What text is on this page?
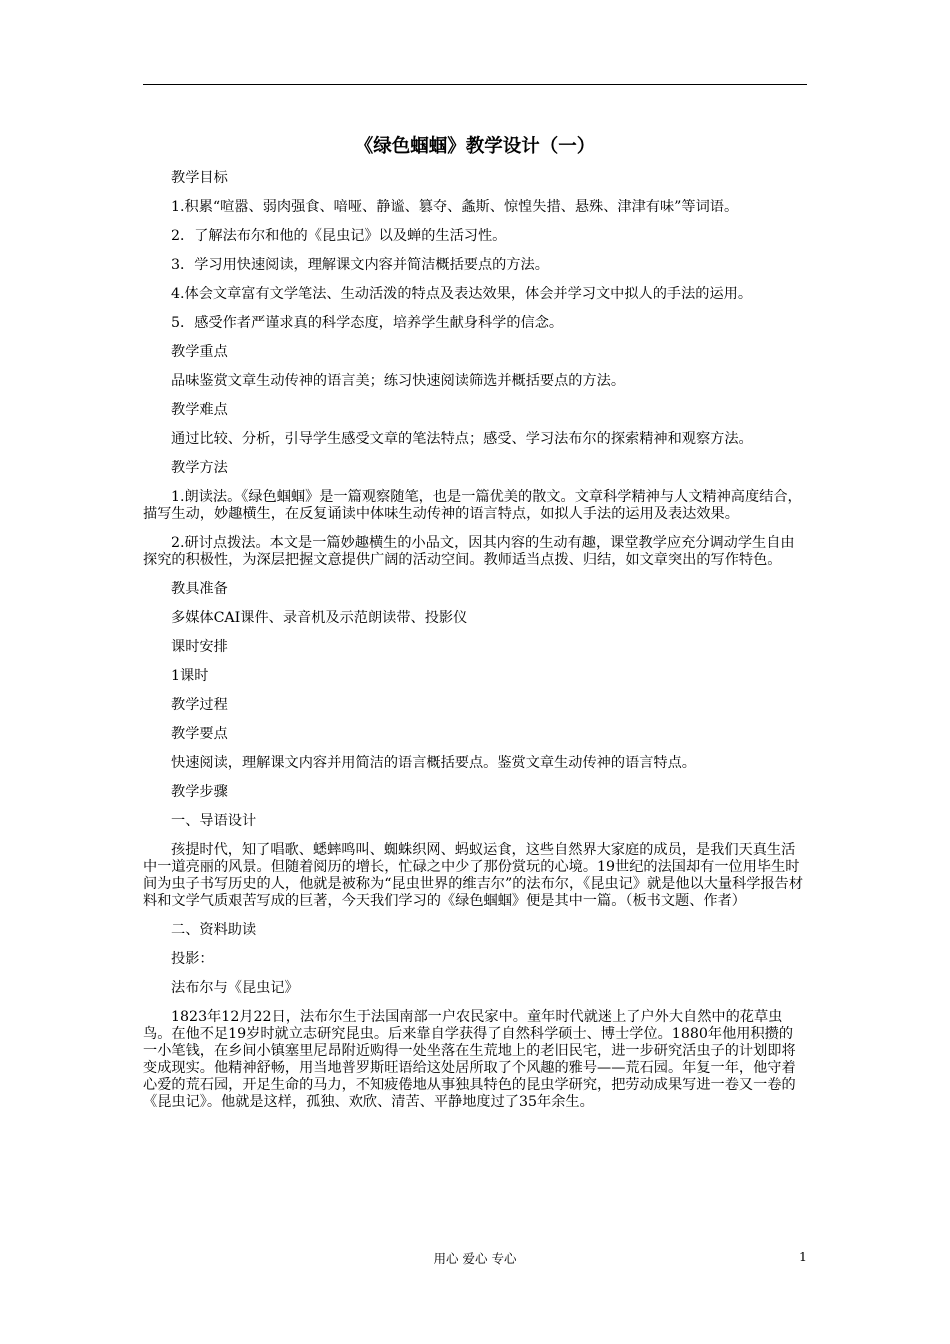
《绿色蝈蝈》教学设计（一）

教学目标

1.积累“喧嚣、弱肉强食、喑哑、静谧、篡夺、螽斯、惊惶失措、悬殊、津津有味”等词语。

2．了解法布尔和他的《昆虫记》以及蝉的生活习性。

3．学习用快速阅读，理解课文内容并简洁概括要点的方法。

4.体会文章富有文学笔法、生动活泼的特点及表达效果，体会并学习文中拟人的手法的运用。

5．感受作者严谨求真的科学态度，培养学生献身科学的信念。

教学重点

品味鉴赏文章生动传神的语言美；练习快速阅读筛选并概括要点的方法。

教学难点

通过比较、分析，引导学生感受文章的笔法特点；感受、学习法布尔的探索精神和观察方法。

教学方法

1.朗读法。《绿色蝈蝈》是一篇观察随笔，也是一篇优美的散文。文章科学精神与人文精神高度结合，描写生动，妙趣横生，在反复诵读中体味生动传神的语言特点，如拟人手法的运用及表达效果。

2.研讨点拨法。本文是一篇妙趣横生的小品文，因其内容的生动有趣，课堂教学应充分调动学生自由探究的积极性，为深层把握文意提供广阔的活动空间。教师适当点拨、归结，如文章突出的写作特色。

教具准备

多媒体CAI课件、录音机及示范朗读带、投影仪

课时安排

1课时

教学过程

教学要点

快速阅读，理解课文内容并用简洁的语言概括要点。鉴赏文章生动传神的语言特点。

教学步骤

一、导语设计

孩提时代，知了唱歌、蟋蟀鸣叫、蜘蛛织网、蚂蚁运食，这些自然界大家庭的成员，是我们天真生活中一道亮丽的风景。但随着阅历的增长，忙碌之中少了那份赏玩的心境。19世纪的法国却有一位用毕生时间为虫子书写历史的人，他就是被称为“昆虫世界的维吉尔”的法布尔，《昆虫记》就是他以大量科学报告材料和文学气质艰苦写成的巨著，今天我们学习的《绿色蝈蝈》便是其中一篇。（板书文题、作者）

二、资料助读

投影：

法布尔与《昆虫记》

1823年12月22日，法布尔生于法国南部一户农民家中。童年时代就迷上了户外大自然中的花草虫鸟。在他不足19岁时就立志研究昆虫。后来靠自学获得了自然科学硕士、博士学位。1880年他用积攒的一小笔钱，在乡间小镇塞里尼昂附近购得一处坐落在生荒地上的老旧民宅，进一步研究活虫子的计划即将变成现实。他精神舒畅，用当地普罗斯旺语给这处居所取了个风趣的雅号——荒石园。年复一年，他守着心爱的荒石园，开足生命的马力，不知疲倦地从事独具特色的昆虫学研究，把劳动成果写进一卷又一卷的《昆虫记》。他就是这样，孤独、欢欣、清苦、平静地度过了35年余生。

用心 爱心 专心	1
